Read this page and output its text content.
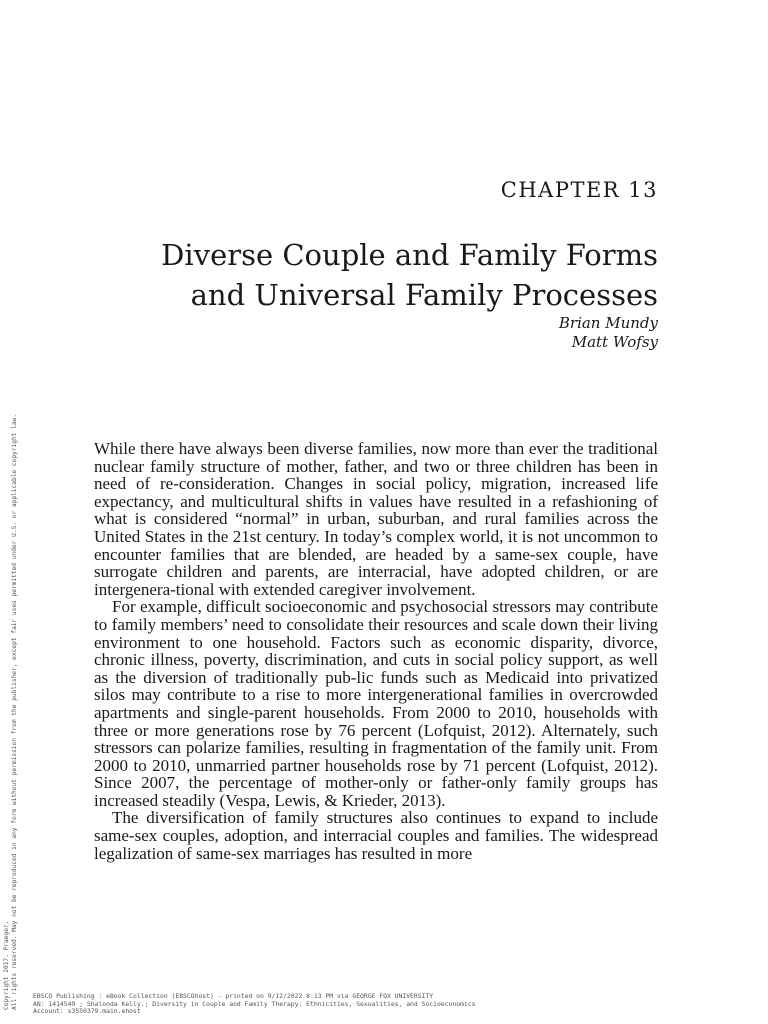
CHAPTER 13
Diverse Couple and Family Forms
and Universal Family Processes
Brian Mundy
Matt Wofsy

While there have always been diverse families, now more than ever the traditional nuclear family structure of mother, father, and two or three children has been in need of re-consideration. Changes in social policy, migration, increased life expectancy, and multicultural shifts in values have resulted in a refashioning of what is considered “normal” in urban, suburban, and rural families across the United States in the 21st century. In today’s complex world, it is not uncommon to encounter families that are blended, are headed by a same-sex couple, have surrogate children and parents, are interracial, have adopted children, or are intergenera-tional with extended caregiver involvement.

For example, difficult socioeconomic and psychosocial stressors may contribute to family members’ need to consolidate their resources and scale down their living environment to one household. Factors such as economic disparity, divorce, chronic illness, poverty, discrimination, and cuts in social policy support, as well as the diversion of traditionally pub-lic funds such as Medicaid into privatized silos may contribute to a rise to more intergenerational families in overcrowded apartments and single-parent households. From 2000 to 2010, households with three or more generations rose by 76 percent (Lofquist, 2012). Alternately, such stressors can polarize families, resulting in fragmentation of the family unit. From 2000 to 2010, unmarried partner households rose by 71 percent (Lofquist, 2012). Since 2007, the percentage of mother-only or father-only family groups has increased steadily (Vespa, Lewis, & Krieder, 2013).

The diversification of family structures also continues to expand to include same-sex couples, adoption, and interracial couples and families. The widespread legalization of same-sex marriages has resulted in more

Copyright 2017. Praeger. All rights reserved. May not be reproduced in any form without permission from the publisher, except fair uses permitted under U.S. or applicable copyright law. EBSCO Publishing : eBook Collection (EBSCOhost) - printed on 9/12/2022 8:13 PM via GEORGE FOX UNIVERSITY
AN: 1414549 ; Shalonda Kelly.; Diversity in Couple and Family Therapy: Ethnicities, Sexualities, and Socioeconomics
Account: s3550379.main.ehost
